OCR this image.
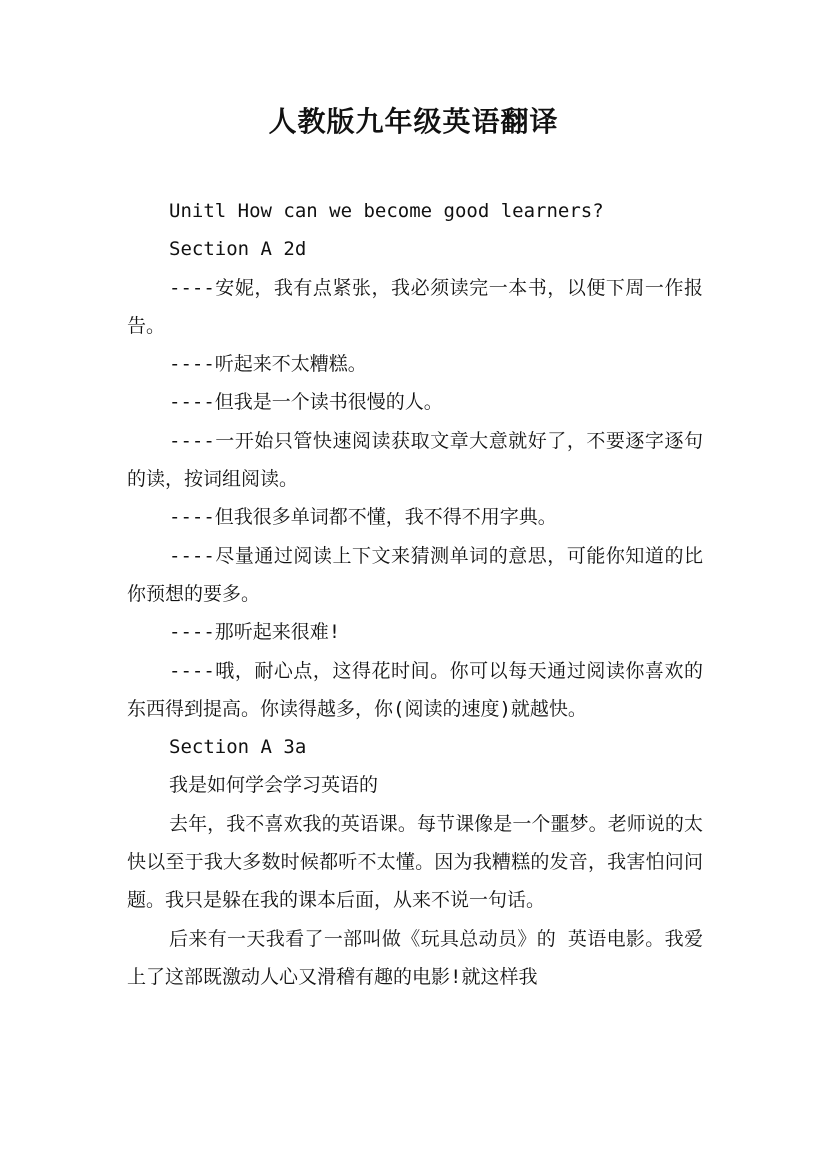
人教版九年级英语翻译

Unitl How can we become good learners?

Section A 2d

----安妮，我有点紧张，我必须读完一本书，以便下周一作报告。

----听起来不太糟糕。

----但我是一个读书很慢的人。

----一开始只管快速阅读获取文章大意就好了，不要逐字逐句的读，按词组阅读。

----但我很多单词都不懂，我不得不用字典。

----尽量通过阅读上下文来猜测单词的意思，可能你知道的比你预想的要多。

----那听起来很难!

----哦，耐心点，这得花时间。你可以每天通过阅读你喜欢的东西得到提高。你读得越多，你(阅读的速度)就越快。

Section A 3a

我是如何学会学习英语的

去年，我不喜欢我的英语课。每节课像是一个噩梦。老师说的太快以至于我大多数时候都听不太懂。因为我糟糕的发音，我害怕问问题。我只是躲在我的课本后面，从来不说一句话。

后来有一天我看了一部叫做《玩具总动员》的 英语电影。我爱上了这部既激动人心又滑稽有趣的电影!就这样我
